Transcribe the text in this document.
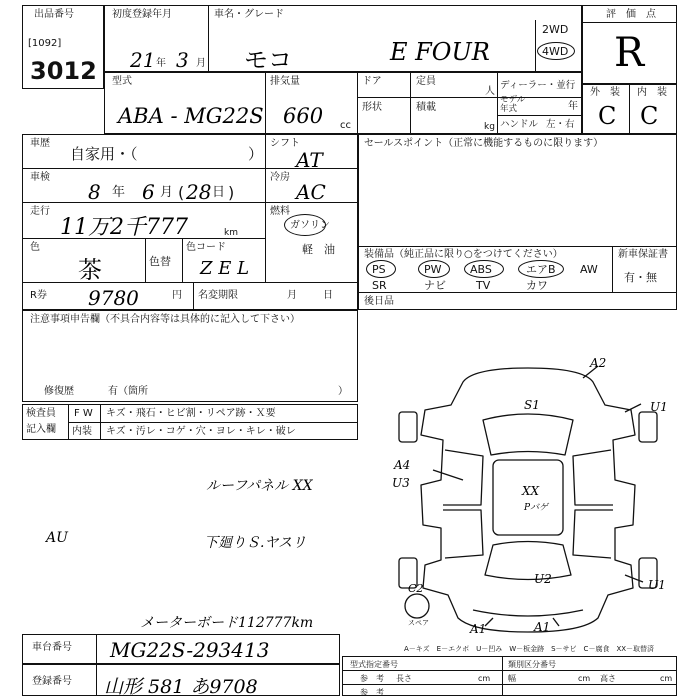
出品番号
[1092]
3012
初度登録年月
21 年 3 月
車名・グレード
モコ	E FOUR
2WD
4WD
評　価　点
R
型式
ABA - MG22S
排気量
660 cc
ドア	定員
人
形状	積載
kg
ディーラー・並行
モデル
年式	年
ハンドル 左・右
外　装 内　装
C C
車歴
自家用・（	）
シフト
AT
車検
8 年 6 月 ( 28 日 )
冷房
AC
走行
11万2千777	km
燃料
ガソリン
軽　油
色
茶	色替
色コード
Z E L
R券 9780	円 名変期限	月	日
セールスポイント（正常に機能するものに限ります）
装備品（純正品に限り○をつけてください）	新車保証書
有・無
PS	PW	ABS	エアB AW
SR	ナビ	TV	カワ
後日品
注意事項申告欄（不具合内容等は具体的に記入して下さい）
修復歴	有（箇所	）
検査員
記入欄
F W キズ・飛石・ヒビ割・リペア跡・Ｘ要
内装 キズ・汚レ・コゲ・穴・ヨレ・キレ・破レ
ルーフパネル XX
AU	下廻りＳ.ヤスリ
メーターボード112777km
A2
S1	U1
A4
U3
XX
Pバゲ
U2
C2	U1
A1	A1
スペア
A－キズ　E－エクボ　U－凹み　W－板金跡　S－サビ　C－腐食　XX－取替済
車台番号 MG22S-293413
登録番号 山形 581 あ9708
型式指定番号	類別区分番号
参　考 長さ	cm 幅	cm 高さ	cm
参　考
